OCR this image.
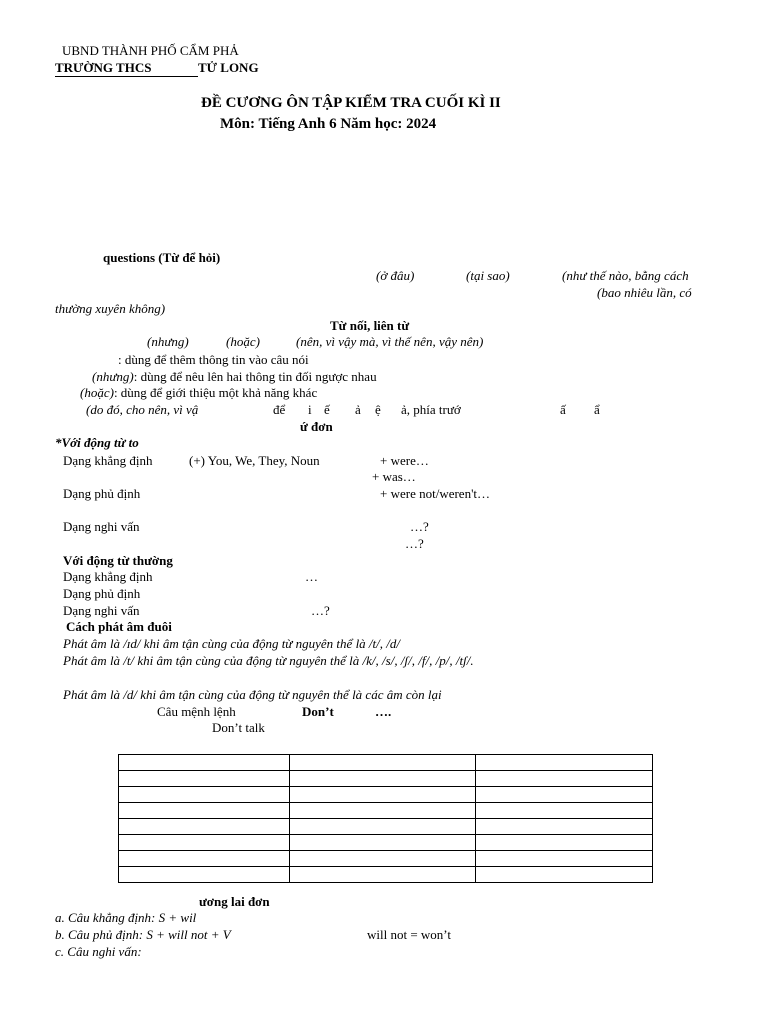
UBND THÀNH PHỐ CẨM PHẢ
TRƯỜNG THCS	TỬ LONG
ĐỀ CƯƠNG ÔN TẬP KIỂM TRA CUỐI KÌ II
Môn: Tiếng Anh 6 Năm học: 2024
questions (Từ để hỏi)
(ở đâu)	(tại sao)	(như thế nào, bằng cách
(bao nhiêu lần, có
thường xuyên không)
Từ nối, liên từ
(nhưng)	(hoặc)	(nên, vì vậy mà, vì thế nên, vậy nên)
: dùng để thêm thông tin vào câu nói
(nhưng): dùng để nêu lên hai thông tin đối ngược nhau
(hoặc): dùng để giới thiệu một khả năng khác
(do đó, cho nên, vì vậ	để i ế ả ệ ả, phía trướ	ấ ẩ
ứ đơn
*Với động từ to
Dạng khẳng định	(+) You, We, They, Noun	+ were…
+ was…
Dạng phủ định	+ were not/weren't…
Dạng nghi vấn	…?
…?
Với động từ thường
Dạng khẳng định	…
Dạng phủ định
Dạng nghi vấn	…?
Cách phát âm đuôi
Phát âm là /ɪd/ khi âm tận cùng của động từ nguyên thể là /t/, /d/
Phát âm là /t/ khi âm tận cùng của động từ nguyên thể là /k/, /s/, /ʃ/, /f/, /p/, /tʃ/.
Phát âm là /d/ khi âm tận cùng của động từ nguyên thể là các âm còn lại
Câu mệnh lệnh	Don’t	….
Don’t talk

ương lai đơn
a. Câu khẳng định: S + wil
b. Câu phủ định: S + will not + V	will not = won’t
c. Câu nghi vấn:
